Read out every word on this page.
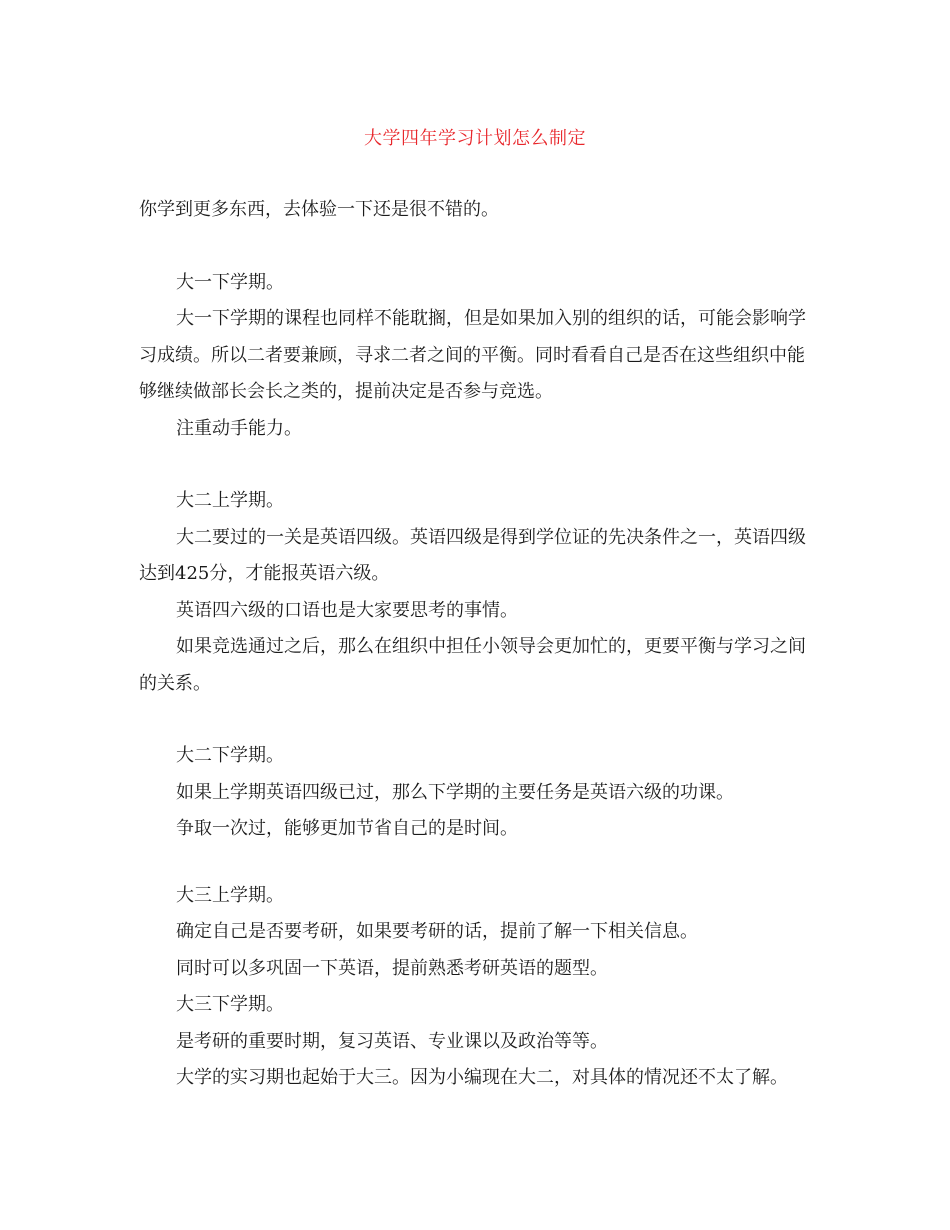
大学四年学习计划怎么制定

你学到更多东西，去体验一下还是很不错的。

大一下学期。

大一下学期的课程也同样不能耽搁，但是如果加入别的组织的话，可能会影响学习成绩。所以二者要兼顾，寻求二者之间的平衡。同时看看自己是否在这些组织中能够继续做部长会长之类的，提前决定是否参与竞选。

注重动手能力。

大二上学期。

大二要过的一关是英语四级。英语四级是得到学位证的先决条件之一，英语四级达到425分，才能报英语六级。

英语四六级的口语也是大家要思考的事情。

如果竞选通过之后，那么在组织中担任小领导会更加忙的，更要平衡与学习之间的关系。

大二下学期。

如果上学期英语四级已过，那么下学期的主要任务是英语六级的功课。

争取一次过，能够更加节省自己的是时间。

大三上学期。

确定自己是否要考研，如果要考研的话，提前了解一下相关信息。

同时可以多巩固一下英语，提前熟悉考研英语的题型。

大三下学期。

是考研的重要时期，复习英语、专业课以及政治等等。

大学的实习期也起始于大三。因为小编现在大二，对具体的情况还不太了解。
